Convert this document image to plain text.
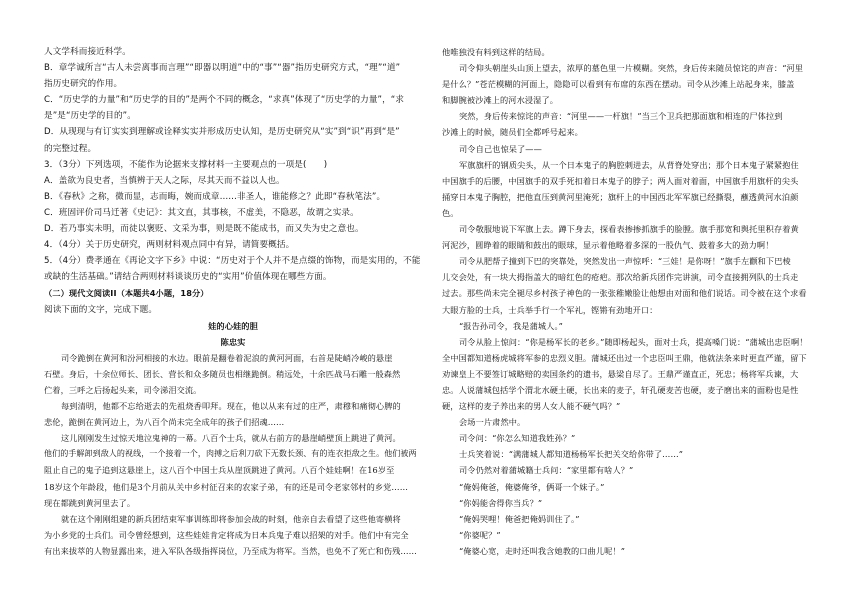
人文学科而接近科学。

B．章学诚所言“古人未尝离事而言理”“即器以明道”中的“事”“器”指历史研究方式，“理”“道”

指历史研究的作用。

C．“历史学的力量”和“历史学的目的”是两个不同的概念，“求真”体现了“历史学的力量”，“求

是”是“历史学的目的”。

D．从现现与有订实实到理解或诠释实实并形成历史认知，是历史研究从“实”到“识”再到“是”

的完整过程。

3．（3分）下列选项，不能作为论据来支撑材料一主要观点的一项是(　　)

A．盖欲为良史者，当慎辨于天人之际，尽其天而不益以人也。

B．《春秋》之称，微而显，志而晦，婉而成章……非圣人，谁能修之？此即“春秋笔法”。

C．班固评价司马迁著《史记》：其文直，其事核，不虚美，不隐恶，故谓之实录。

D．若乃事实未明，而徒以褒贬、文采为事，则是既不能成书，而又失为史之意也。

4．（4分）关于历史研究，两则材料观点同中有异，请简要概括。

5．（4分）费孝通在《再论文字下乡》中说：“历史对于个人并不是点缀的饰物，而是实用的，不能

或缺的生活基础。”请结合两则材料谈谈历史的“实用”价值体现在哪些方面。

（二）现代文阅读II（本题共4小题，18分）

阅读下面的文字，完成下题。

娃的心娃的胆

陈忠实

司令跪倒在黄河和汾河相接的水边。眼前是翻卷着泥浪的黄河河面，右首是陡峭冷峻的悬崖

石壁。身后，十余位师长、团长、营长和众多随员也相继跪倒。稍远处，十余匹战马石雕一般森然

伫着，三呼之后扬起头来，司令涕泪交流。

每到清明，他都不忘给逝去的先祖烧香叩拜。现在，他以从来有过的庄严，肃穆和痛彻心脾的

悲伦，跪倒在黄河边上，为八百个尚未完全成年的孩子们招魂……

这儿刚刚发生过惊天地泣鬼神的一幕。八百个士兵，就从右前方的悬崖峭壁顶上跳进了黄河。

他们的手解卸到敌人的视线，一个接着一个，肉搏之后利刀砍下无数长颈、有的连衣拒敌之生。他们被两

阻止自己的鬼子追到这悬崖上，这八百个中国士兵从崖顶跳进了黄河。八百个娃娃啊！在16岁至

18岁这个年龄段，他们是3个月前从关中乡村征召来的农家子弟，有的还是司令老家邻村的乡党……

现在都跳到黄河里去了。

就在这个刚刚组建的新兵团结束军事训练即将参加会战的时刻，他亲自去看望了这些他寄横将

为小乡党的士兵们。司令曾经想到，这些娃娃肯定将成为日本兵鬼子难以招架的对手。他们中有完全

有出来拔萃的人物显露出来，进入军队各级指挥岗位，乃至成为将军。当然，也免不了死亡和伤残……

他唯独没有料到这样的结局。

司令仰头朝崖头山顶上望去，浓厚的墓色里一片模糊。突然，身后传来随员惊诧的声音：“河里

是什么？”苍茫模糊的河面上，隐隐可以看到有布席的东西在摆动。司令从沙滩上站起身来，膝盖

和脚腕被沙滩上的河水浸湿了。

突然，身后传来惊诧的声音：“河里——一杆旗！”当三个卫兵把那面旗和相连的尸体拉到

沙滩上的时候，随员们全都呼号起来。

司令自己也惊呆了——

军旗旗杆的钢质尖头，从一个日本鬼子的胸腔刺进去，从背脊处穿出；那个日本鬼子紧紧抱住

中国旗手的后腰，中国旗手的双手死扣着日本鬼子的脖子；两人面对着面，中国旗手用旗杆的尖头

捅穿日本鬼子胸腔，把他直压到黄河里淹死；旗杆上的中国西北军军旗已经撕裂，蘸透黄河水泊颜

色。

司令敬服地说下军旗上去。蹲下身去，探看表掺掺抓旗手的脸膛。旗手那宽和舆托里积存着黄

河泥沙，圆睁着的眼睛和鼓出的眼球，显示着他略着多深的一股仇气、鼓着多大的劲力啊！

司令从肥帮子撞到下巴的突靠处，突然发出一声惊呼：“三娃！是你呀！”旗手左颧和下巴棱

儿交会处，有一块大拇指盖大的暗红色的疮疤。那次给新兵团作完讲演，司令直接拥列队的士兵走

过去。那些尚未完全褪尽乡村孩子神色的一张张稚嫩脸让他想由对面和他们说话。司令被在这个求看

大眼方脸的士兵，士兵举手行一个军礼，铿锵有劲地开口：

“报告孙司令，我是蒲城人。”

司令从脸上惊问：“你是杨军长的老乡。”随即杨起头，面对士兵，提高嗓门说：“蒲城出忠臣啊！

全中国都知道杨虎城将军参的忠烈义胆。蒲城还出过一个忠臣叫王鼎，他就法条来时更直严谨，留下

劝谏皇上不要签订城略赔的卖国条约的遗书，悬梁自尽了。王鼎严谨直正，死忠；杨将军兵谏，大

忠。人说蒲城包括学个渭北水硬土硬，长出来的麦子，轩孔硬麦苦也硬，麦子磨出来的面粉也是性

硬，这样的麦子养出来的男人女人能不硬气吗？”

会场一片肃然中。

司令问：“你怎么知道我姓孙？”

士兵笑着说：“满蒲城人都知道杨杨军长把关交给你带了……”

司令仍然对着蒲城籍士兵问：“家里都有啥人？”

“俺妈俺爸，俺婆俺爷，俩哥一个妹子。”

“你妈能舍得你当兵？”

“俺妈哭哩！俺爸把俺妈训住了。”

“你婆呢？”

“俺婆心宽，走时还叫我含她教的口曲儿呢！”
